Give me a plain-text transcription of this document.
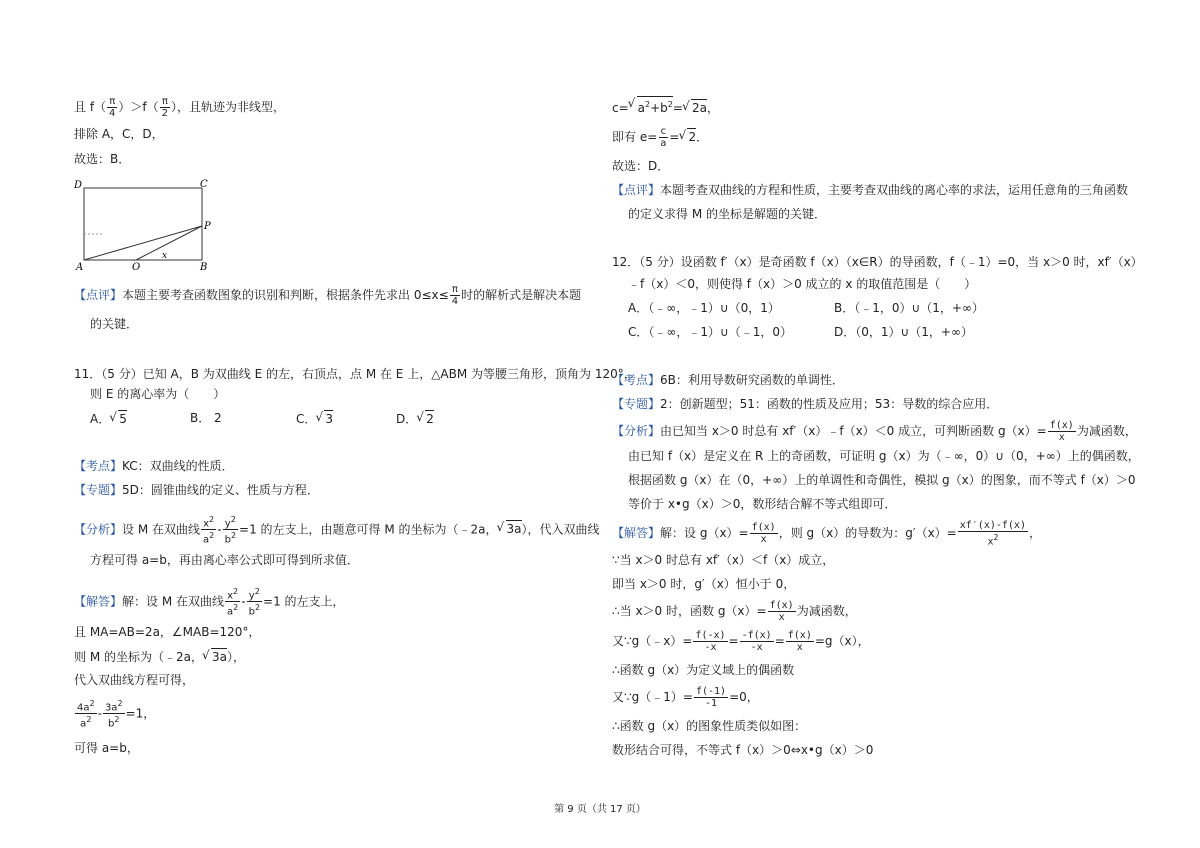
且 $f( \frac{\pi}{4} )>f( \frac{\pi}{2}$ ），且轨迹为非线型，
排除 A，C，D，
故选：B．
【点评】本题主要考查函数图象的识别和判断，根据条件先求出 $0\le x\le \frac{\pi}{4}$ 时的解析式是解决本题
的关键．
11．（5 分）已知 A，B 为双曲线 E 的左，右顶点，点 M 在 E 上，△ABM 为等腰三角形，顶角为 120°，
则 E 的离心率为（　　）
A．√ 5	B． 2	C．√ 3	D．√ 2
【考点】KC：双曲线的性质．
【专题】5D：圆锥曲线的定义、性质与方程．
【分析】设 M 在双曲线 $\frac{x^2}{a^2} - \frac{y^2}{b^2} =1$ 的左支上，由题意可得 M 的坐标为（﹣2a，√ 3a），代入双曲线
方程可得 a=b，再由离心率公式即可得到所求值．
【解答】解：设 M 在双曲线 $\frac{x^2}{a^2} - \frac{y^2}{b^2} =1$ 的左支上，
且 MA=AB=2a，∠MAB=120°，
则 M 的坐标为（﹣2a，√ 3a），
代入双曲线方程可得，
$\frac{4a^2}{a^2} - \frac{3a^2}{b^2} =1$，
可得 a=b，
D	C
P
A	O	B
x
c=√ $a^2+b^2=√$ 2a，
即有 $e= \frac{c}{a}$ =√ 2．
故选：D．
【点评】本题考查双曲线的方程和性质，主要考查双曲线的离心率的求法，运用任意角的三角函数
的定义求得 M 的坐标是解题的关键．
12．（5 分）设函数 f′（x）是奇函数 f（x）（x∈R）的导函数，f（﹣1）=0，当 x＞0 时，xf′（x）
﹣f（x）＜0，则使得 f（x）＞0 成立的 x 的取值范围是（　　）
A．（﹣∞，﹣1）∪（0，1）	B．（﹣1，0）∪（1，+∞）
C．（﹣∞，﹣1）∪（﹣1，0）	D．（0，1）∪（1，+∞）
【考点】6B：利用导数研究函数的单调性．
【专题】2：创新题型；51：函数的性质及应用；53：导数的综合应用．
【分析】由已知当 x＞0 时总有 xf′（x）﹣f（x）＜0 成立，可判断函数 $g(x)= \frac{f(x)}{x}$ 为减函数，
由已知 f（x）是定义在 R 上的奇函数，可证明 g（x）为（﹣∞，0）∪（0，+∞）上的偶函数，
根据函数 g（x）在（0，+∞）上的单调性和奇偶性，模拟 g（x）的图象，而不等式 f（x）＞0
等价于 x•g（x）＞0，数形结合解不等式组即可．
【解答】解：设 $g(x)= \frac{f(x)}{x}$ ，则 g（x）的导数为：$g'(x)= \frac{xf'(x)-f(x)}{x^2}$ ，
∵当 x＞0 时总有 xf′（x）＜f（x）成立，
即当 x＞0 时，g′（x）恒小于 0，
∴当 x＞0 时，函数 $g(x)= \frac{f(x)}{x}$ 为减函数，
又∵g（﹣x）= $\frac{f(-x)}{-x} = \frac{-f(x)}{-x} = \frac{f(x)}{x} =g(x)$，
∴函数 g（x）为定义域上的偶函数
又∵g（﹣1）= $\frac{f(-1)}{-1} =0$，
∴函数 g（x）的图象性质类似如图：
数形结合可得，不等式 f（x）＞0⇔x•g（x）＞0
第 9 页（共 17 页）
